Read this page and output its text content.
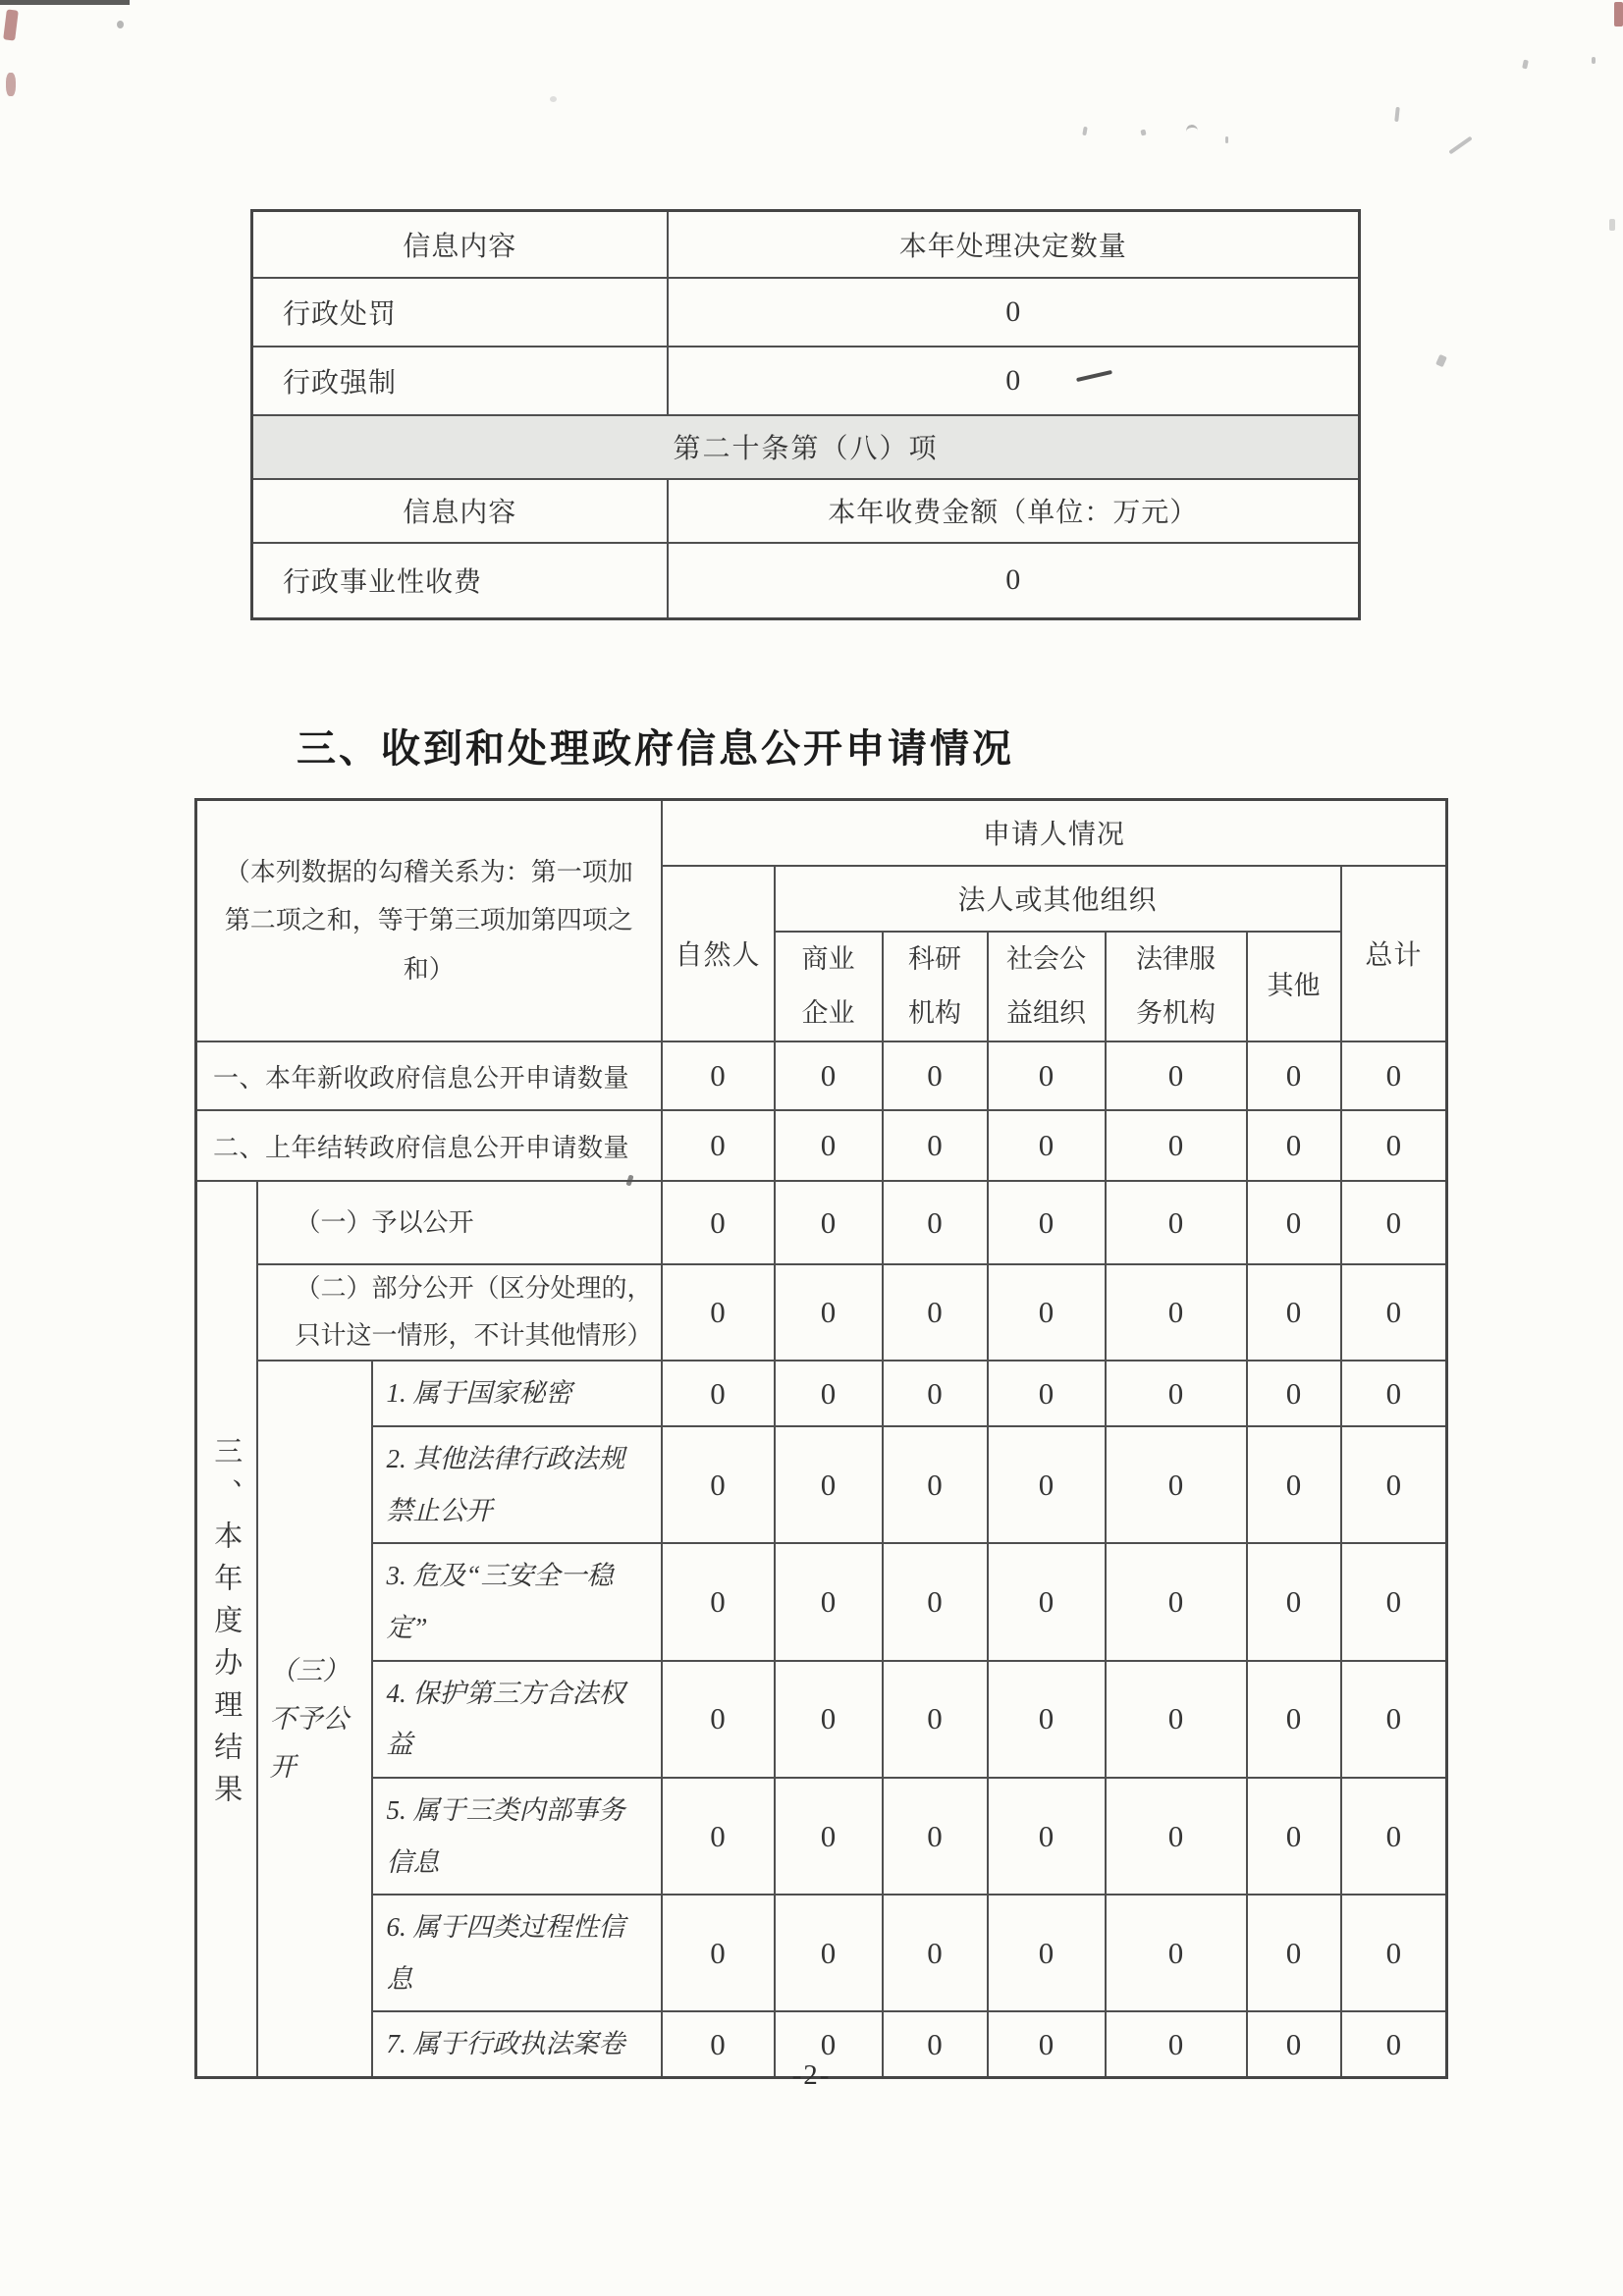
信息内容	本年处理决定数量
行政处罚	0
行政强制	0
第二十条第（八）项	
信息内容	本年收费金额（单位：万元）
行政事业性收费	0
三、收到和处理政府信息公开申请情况
（本列数据的勾稽关系为：第一项加第二项之和，等于第三项加第四项之和）			申请人情况						
			自然人	法人或其他组织					总计
				商业企业	科研机构	社会公益组织	法律服务机构	其他	
一、本年新收政府信息公开申请数量			0	0	0	0	0	0	0
二、上年结转政府信息公开申请数量			0	0	0	0	0	0	0
三、本年度办理结果	（一）予以公开		0	0	0	0	0	0	0
	（二）部分公开（区分处理的，只计这一情形，不计其他情形）		0	0	0	0	0	0	0
	（三）不予公开	1. 属于国家秘密	0	0	0	0	0	0	0
		2. 其他法律行政法规禁止公开	0	0	0	0	0	0	0
		3. 危及“三安全一稳定”	0	0	0	0	0	0	0
		4. 保护第三方合法权益	0	0	0	0	0	0	0
		5. 属于三类内部事务信息	0	0	0	0	0	0	0
		6. 属于四类过程性信息	0	0	0	0	0	0	0
		7. 属于行政执法案卷	0	0	0	0	0	0	0
-2-
